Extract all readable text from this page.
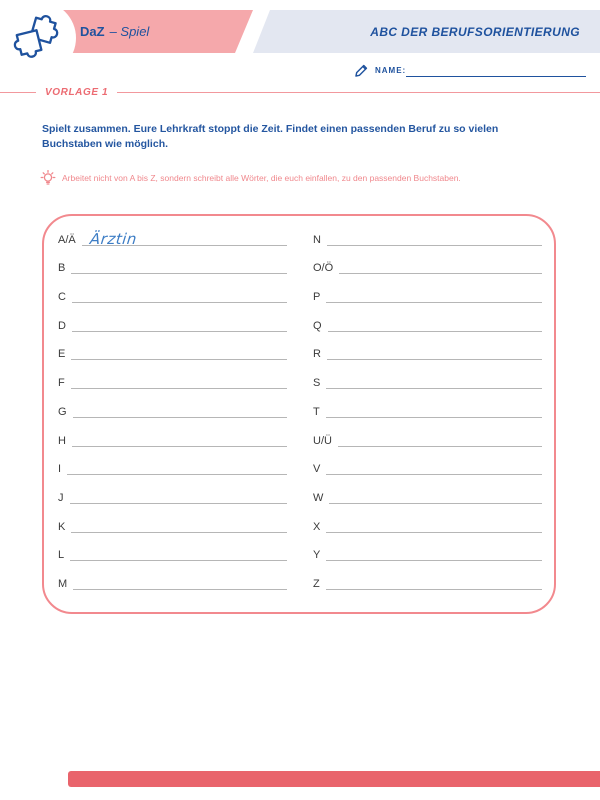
DaZ – Spiel	ABC DER BERUFSORIENTIERUNG
NAME:
VORLAGE 1
Spielt zusammen. Eure Lehrkraft stoppt die Zeit. Findet einen passenden Beruf zu so vielen
Buchstaben wie möglich.
Arbeitet nicht von A bis Z, sondern schreibt alle Wörter, die euch einfallen, zu den passenden Buchstaben.
A/Ä Ärztin
B
C
D
E
F
G
H
I
J
K
L
M
N
O/Ö
P
Q
R
S
T
U/Ü
V
W
X
Y
Z
